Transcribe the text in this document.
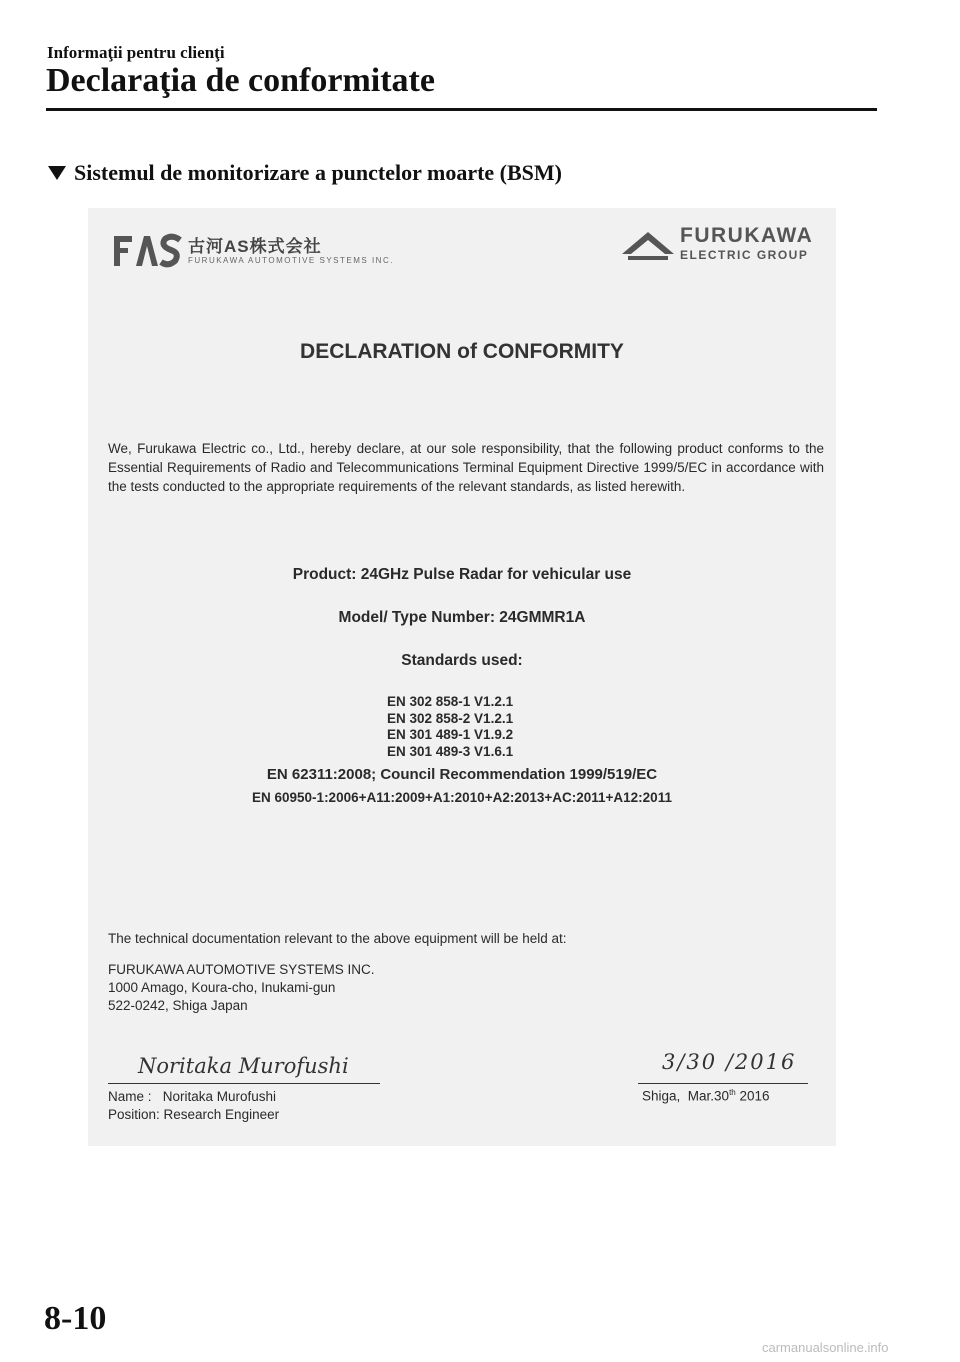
Informaţii pentru clienţi
Declaraţia de conformitate
Sistemul de monitorizare a punctelor moarte (BSM)
古河AS株式会社
FURUKAWA AUTOMOTIVE SYSTEMS INC.
FURUKAWA
ELECTRIC GROUP
DECLARATION of CONFORMITY
We, Furukawa Electric co., Ltd., hereby declare, at our sole responsibility, that the following product conforms to the Essential Requirements of Radio and Telecommunications Terminal Equipment Directive 1999/5/EC in accordance with the tests conducted to the appropriate requirements of the relevant standards, as listed herewith.
Product: 24GHz Pulse Radar for vehicular use
Model/ Type Number: 24GMMR1A
Standards used:
EN 302 858-1 V1.2.1
EN 302 858-2 V1.2.1
EN 301 489-1 V1.9.2
EN 301 489-3 V1.6.1
EN 62311:2008; Council Recommendation 1999/519/EC
EN 60950-1:2006+A11:2009+A1:2010+A2:2013+AC:2011+A12:2011
The technical documentation relevant to the above equipment will be held at:
FURUKAWA AUTOMOTIVE SYSTEMS INC.
1000 Amago, Koura-cho, Inukami-gun
522-0242, Shiga Japan
Noritaka Murofushi	3/30 /2016
Name :   Noritaka Murofushi
Position: Research Engineer
Shiga,  Mar.30th 2016
8-10
carmanualsonline.info
